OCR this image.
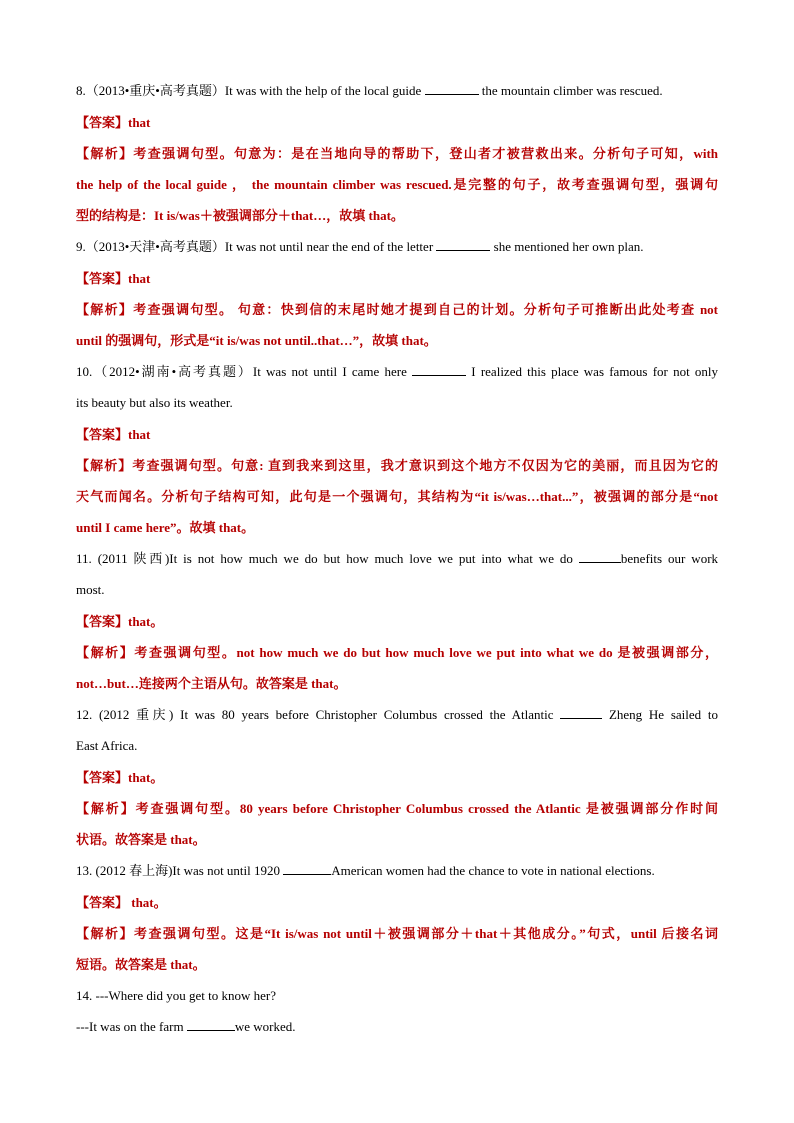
8.（2013•重庆•高考真题）It was with the help of the local guide	the mountain climber was rescued.
【答案】that
【解析】考查强调句型。句意为：是在当地向导的帮助下，登山者才被营救出来。分析句子可知，with
the help of the local guide ， the mountain climber was rescued.是完整的句子，故考查强调句型，强调句
型的结构是：It is/was＋被强调部分＋that…，故填 that。
9.（2013•天津•高考真题）It was not until near the end of the letter	she mentioned her own plan.
【答案】that
【解析】考查强调句型。 句意：快到信的末尾时她才提到自己的计划。分析句子可推断出此处考查 not
until 的强调句，形式是“it is/was not until..that…”，故填 that。
10.（2012•湖南•高考真题）It was not until I came here	I realized this place was famous for not only
its beauty but also its weather.
【答案】that
【解析】考查强调句型。句意: 直到我来到这里，我才意识到这个地方不仅因为它的美丽，而且因为它的
天气而闻名。分析句子结构可知，此句是一个强调句，其结构为“it is/was…that...”，被强调的部分是“not
until I came here”。故填 that。
11. (2011 陕西)It is not how much we do but how much love we put into what we do	benefits our work
most.
【答案】that。
【解析】考查强调句型。not how much we do but how much love we put into what we do 是被强调部分，
not…but…连接两个主语从句。故答案是 that。
12. (2012 重庆) It was 80 years before Christopher Columbus crossed the Atlantic	Zheng He sailed to
East Africa.
【答案】that。
【解析】考查强调句型。80 years before Christopher Columbus crossed the Atlantic 是被强调部分作时间
状语。故答案是 that。
13. (2012 春上海)It was not until 1920	American women had the chance to vote in national elections.
【答案】 that。
【解析】考查强调句型。这是“It is/was not until＋被强调部分＋that＋其他成分。”句式，until 后接名词
短语。故答案是 that。
14. ---Where did you get to know her?
---It was on the farm	we worked.
